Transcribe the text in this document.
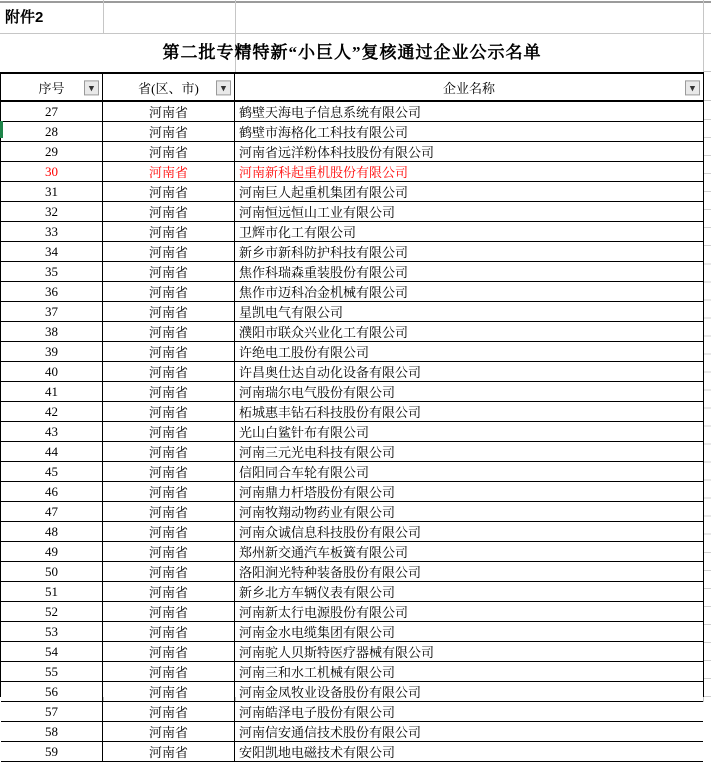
附件2
第二批专精特新“小巨人”复核通过企业公示名单
序号	▼	省(区、市)	▼	企业名称	▼
27	河南省	鹤壁天海电子信息系统有限公司
28	河南省	鹤壁市海格化工科技有限公司
29	河南省	河南省远洋粉体科技股份有限公司
30	河南省	河南新科起重机股份有限公司
31	河南省	河南巨人起重机集团有限公司
32	河南省	河南恒远恒山工业有限公司
33	河南省	卫辉市化工有限公司
34	河南省	新乡市新科防护科技有限公司
35	河南省	焦作科瑞森重装股份有限公司
36	河南省	焦作市迈科冶金机械有限公司
37	河南省	星凯电气有限公司
38	河南省	濮阳市联众兴业化工有限公司
39	河南省	许绝电工股份有限公司
40	河南省	许昌奥仕达自动化设备有限公司
41	河南省	河南瑞尔电气股份有限公司
42	河南省	柘城惠丰钻石科技股份有限公司
43	河南省	光山白鲨针布有限公司
44	河南省	河南三元光电科技有限公司
45	河南省	信阳同合车轮有限公司
46	河南省	河南鼎力杆塔股份有限公司
47	河南省	河南牧翔动物药业有限公司
48	河南省	河南众诚信息科技股份有限公司
49	河南省	郑州新交通汽车板簧有限公司
50	河南省	洛阳涧光特种装备股份有限公司
51	河南省	新乡北方车辆仪表有限公司
52	河南省	河南新太行电源股份有限公司
53	河南省	河南金水电缆集团有限公司
54	河南省	河南驼人贝斯特医疗器械有限公司
55	河南省	河南三和水工机械有限公司
56	河南省	河南金凤牧业设备股份有限公司
57	河南省	河南皓泽电子股份有限公司
58	河南省	河南信安通信技术股份有限公司
59	河南省	安阳凯地电磁技术有限公司
